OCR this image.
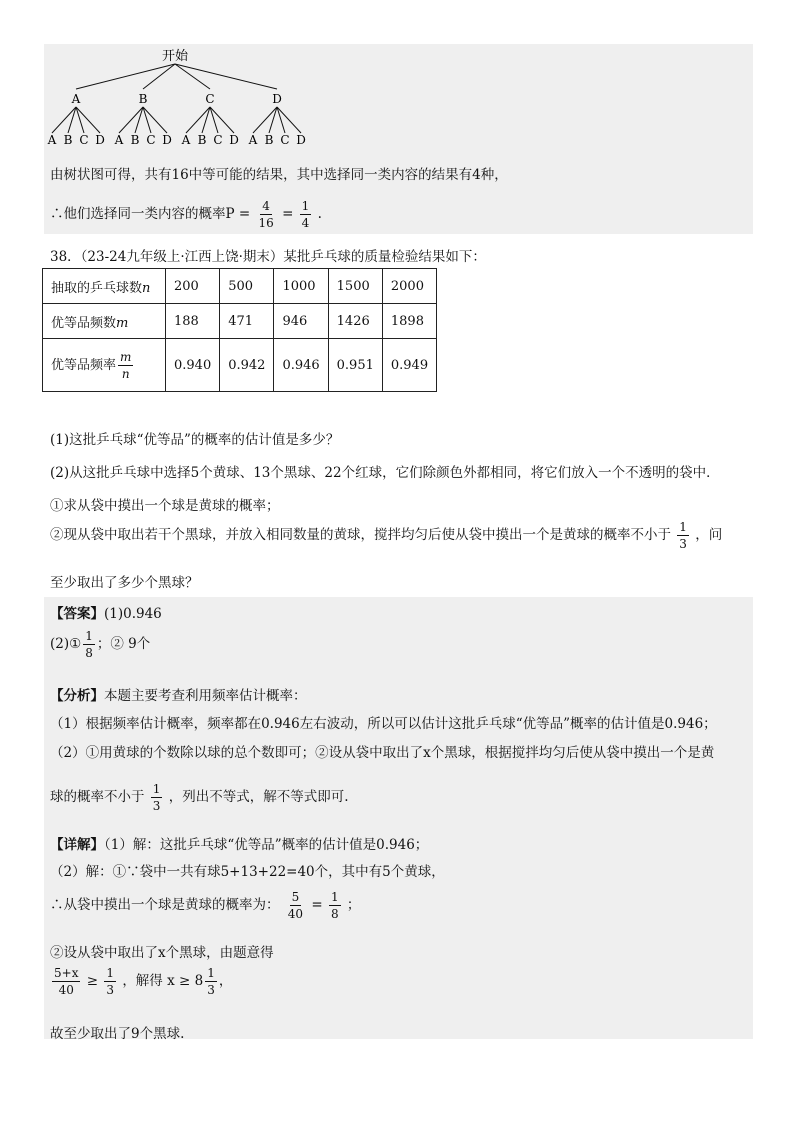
开始
A
A B C D
B
A B C D
C
A B C D
D
A B C D
由树状图可得，共有16中等可能的结果，其中选择同一类内容的结果有4种，
∴他们选择同一类内容的概率$P = \frac{4}{16} = \frac{1}{4}$ .
38．（23-24九年级上·江西上饶·期末）某批乒乓球的质量检验结果如下：
抽取的乒乓球数n	200	500	1000	1500	2000
优等品频数m	188	471	946	1426	1898
优等品频率 $\frac{m}{n}$	0.940	0.942	0.946	0.951	0.949
(1)这批乒乓球“优等品”的概率的估计值是多少？
(2)从这批乒乓球中选择5个黄球、13个黑球、22个红球，它们除颜色外都相同，将它们放入一个不透明的袋中．
①求从袋中摸出一个球是黄球的概率；
②现从袋中取出若干个黑球，并放入相同数量的黄球，搅拌均匀后使从袋中摸出一个是黄球的概率不小于 $\frac{1}{3}$ ，问
至少取出了多少个黑球？
【答案】(1)0.946
(2)① $\frac{1}{8}$ ；② 9个
【分析】本题主要考查利用频率估计概率：
（1）根据频率估计概率，频率都在0.946左右波动，所以可以估计这批乒乓球“优等品”概率的估计值是0.946；
（2）①用黄球的个数除以球的总个数即可；②设从袋中取出了x个黑球，根据搅拌均匀后使从袋中摸出一个是黄
球的概率不小于 $\frac{1}{3}$ ，列出不等式，解不等式即可.
【详解】（1）解：这批乒乓球“优等品”概率的估计值是0.946；
（2）解：①∵袋中一共有球5+13+22=40个，其中有5个黄球，
∴从袋中摸出一个球是黄球的概率为： $\frac{5}{40} = \frac{1}{8}$ ；
②设从袋中取出了x个黑球，由题意得
$\frac{5+x}{40} \ge \frac{1}{3}$ ，解得 $x \ge 8 \frac{1}{3}$ ，
故至少取出了9个黑球.
